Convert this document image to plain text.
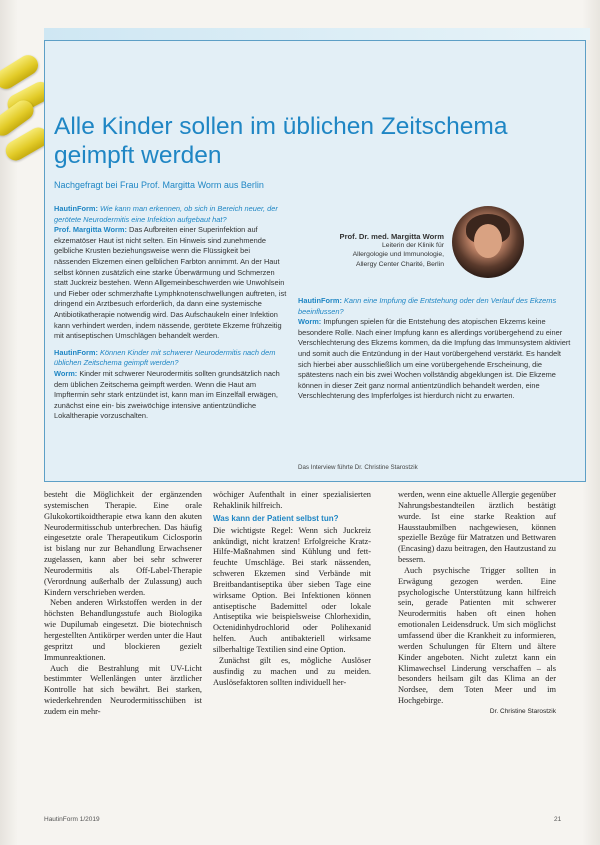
Alle Kinder sollen im üblichen Zeitschema geimpft werden
Nachgefragt bei Frau Prof. Margitta Worm aus Berlin

HautinForm: Wie kann man erkennen, ob sich in Bereich neuer, der gerötete Neurodermitis eine Infektion aufgebaut hat?
Prof. Margitta Worm: Das Aufbreiten einer Superinfektion auf ekzematöser Haut ist nicht selten. Ein Hinweis sind zunehmende gelbliche Krusten beziehungsweise wenn die Flüssigkeit bei nässenden Ekzemen einen gelblichen Farbton annimmt. An der Haut selbst können zusätzlich eine starke Überwärmung und Schmerzen statt Juckreiz bestehen. Wenn Allgemeinbeschwerden wie Unwohlsein und Fieber oder schmerzhafte Lymphknotenschwellungen auftreten, ist dringend ein Arztbesuch erforderlich, da dann eine systemische Antibiotikatherapie notwendig wird. Das Aufschaukeln einer Infektion kann verhindert werden, indem nässende, gerötete Ekzeme frühzeitig mit antiseptischen Umschlägen behandelt werden.

HautinForm: Können Kinder mit schwerer Neurodermitis nach dem üblichen Zeitschema geimpft werden?
Worm: Kinder mit schwerer Neurodermitis sollten grundsätzlich nach dem üblichen Zeitschema geimpft werden. Wenn die Haut am Impftermin sehr stark entzündet ist, kann man im Einzelfall erwägen, zunächst eine ein- bis zweiwöchige intensive antientzündliche Lokaltherapie vorzuschalten.

Prof. Dr. med. Margitta Worm
Leiterin der Klinik für
Allergologie und Immunologie,
Allergy Center Charité, Berlin

HautinForm: Kann eine Impfung die Entstehung oder den Verlauf des Ekzems beeinflussen?
Worm: Impfungen spielen für die Entstehung des atopischen Ekzems keine besondere Rolle. Nach einer Impfung kann es allerdings vorübergehend zu einer Verschlechterung des Ekzems kommen, da die Impfung das Immunsystem aktiviert und somit auch die Entzündung in der Haut vorübergehend verstärkt. Es handelt sich hierbei aber ausschließlich um eine vorübergehende Erscheinung, die spätestens nach ein bis zwei Wochen vollständig abgeklungen ist. Die Ekzeme können in dieser Zeit ganz normal antientzündlich behandelt werden, eine Verschlechterung des Impferfolges ist hierdurch nicht zu erwarten.

Das Interview führte Dr. Christine Starostzik

besteht die Möglichkeit der ergänzenden systemischen Therapie. Eine orale Glukokortikoidtherapie etwa kann den akuten Neurodermitisschub unterbrechen. Das häufig eingesetzte orale Therapeutikum Ciclosporin ist bislang nur zur Behandlung Erwachsener zugelassen, kann aber bei sehr schwerer Neurodermitis als Off-Label-Therapie (Verordnung außerhalb der Zulassung) auch Kindern verschrieben werden.

Neben anderen Wirkstoffen werden in der höchsten Behandlungsstufe auch Biologika wie Dupilumab eingesetzt. Die biotechnisch hergestellten Antikörper werden unter die Haut gespritzt und blockieren gezielt Immunreaktionen.

Auch die Bestrahlung mit UV-Licht bestimmter Wellenlängen unter ärztlicher Kontrolle hat sich bewährt. Bei starken, wiederkehrenden Neurodermitisschüben ist zudem ein mehr-

wöchiger Aufenthalt in einer spezialisierten Rehaklinik hilfreich.

Was kann der Patient selbst tun?

Die wichtigste Regel: Wenn sich Juckreiz ankündigt, nicht kratzen! Erfolgreiche Kratz-Hilfe-Maßnahmen sind Kühlung und fett-feuchte Umschläge. Bei stark nässenden, schweren Ekzemen sind Verbände mit Breitbandantiseptika über sieben Tage eine wirksame Option. Bei Infektionen können antiseptische Bademittel oder lokale Antiseptika wie beispielsweise Chlorhexidin, Octenidinhydrochlorid oder Polihexanid helfen. Auch antibakteriell wirksame silberhaltige Textilien sind eine Option.

Zunächst gilt es, mögliche Auslöser ausfindig zu machen und zu meiden. Auslösefaktoren sollten individuell her-

werden, wenn eine aktuelle Allergie gegenüber Nahrungsbestandteilen ärztlich bestätigt wurde. Ist eine starke Reaktion auf Hausstaubmilben nachgewiesen, können spezielle Bezüge für Matratzen und Bettwaren (Encasing) dazu beitragen, den Hautzustand zu bessern.

Auch psychische Trigger sollten in Erwägung gezogen werden. Eine psychologische Unterstützung kann hilfreich sein, gerade Patienten mit schwerer Neurodermitis haben oft einen hohen emotionalen Leidensdruck. Um sich möglichst umfassend über die Krankheit zu informieren, werden Schulungen für Eltern und ältere Kinder angeboten. Nicht zuletzt kann ein Klimawechsel Linderung verschaffen – als besonders heilsam gilt das Klima an der Nordsee, dem Toten Meer und im Hochgebirge.

Dr. Christine Starostzik
HautinForm 1/2019	21
